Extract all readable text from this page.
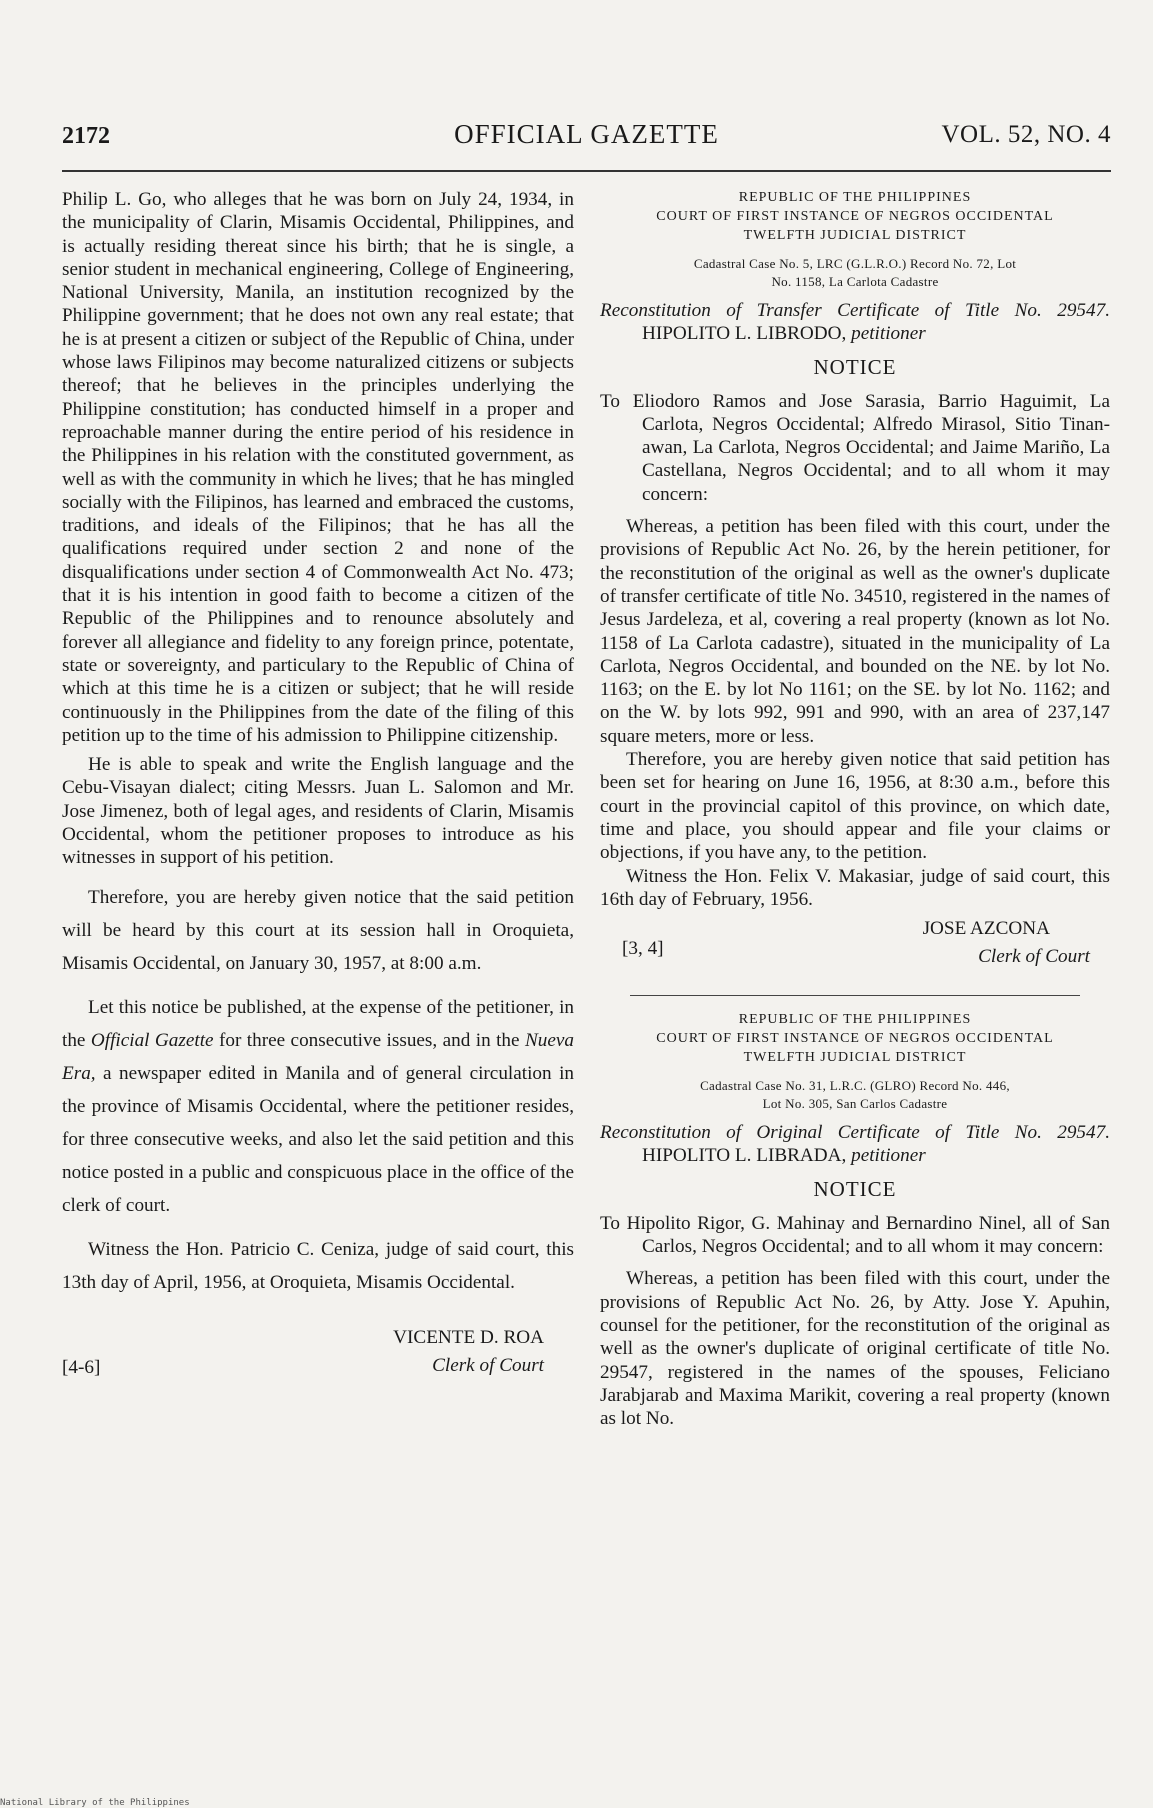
2172	OFFICIAL GAZETTE	VOL. 52, NO. 4

Philip L. Go, who alleges that he was born on July 24, 1934, in the municipality of Clarin, Misamis Occidental, Philippines, and is actually residing thereat since his birth; that he is single, a senior student in mechanical engineering, College of Engineering, National University, Manila, an institution recognized by the Philippine government; that he does not own any real estate; that he is at present a citizen or subject of the Republic of China, under whose laws Filipinos may become naturalized citizens or subjects thereof; that he believes in the principles underlying the Philippine constitution; has conducted himself in a proper and reproachable manner during the entire period of his residence in the Philippines in his relation with the constituted government, as well as with the community in which he lives; that he has mingled socially with the Filipinos, has learned and embraced the customs, traditions, and ideals of the Filipinos; that he has all the qualifications required under section 2 and none of the disqualifications under section 4 of Commonwealth Act No. 473; that it is his intention in good faith to become a citizen of the Republic of the Philippines and to renounce absolutely and forever all allegiance and fidelity to any foreign prince, potentate, state or sovereignty, and particulary to the Republic of China of which at this time he is a citizen or subject; that he will reside continuously in the Philippines from the date of the filing of this petition up to the time of his admission to Philippine citizenship.

He is able to speak and write the English language and the Cebu-Visayan dialect; citing Messrs. Juan L. Salomon and Mr. Jose Jimenez, both of legal ages, and residents of Clarin, Misamis Occidental, whom the petitioner proposes to introduce as his witnesses in support of his petition.

Therefore, you are hereby given notice that the said petition will be heard by this court at its session hall in Oroquieta, Misamis Occidental, on January 30, 1957, at 8:00 a.m.

Let this notice be published, at the expense of the petitioner, in the Official Gazette for three consecutive issues, and in the Nueva Era, a newspaper edited in Manila and of general circulation in the province of Misamis Occidental, where the petitioner resides, for three consecutive weeks, and also let the said petition and this notice posted in a public and conspicuous place in the office of the clerk of court.

Witness the Hon. Patricio C. Ceniza, judge of said court, this 13th day of April, 1956, at Oroquieta, Misamis Occidental.

VICENTE D. ROA
Clerk of Court
[4-6]
REPUBLIC OF THE PHILIPPINES
COURT OF FIRST INSTANCE OF NEGROS OCCIDENTAL
TWELFTH JUDICIAL DISTRICT
Cadastral Case No. 5, LRC (G.L.R.O.) Record No. 72, Lot
No. 1158, La Carlota Cadastre

Reconstitution of Transfer Certificate of Title No. 29547. HIPOLITO L. LIBRODO, petitioner

NOTICE

To Eliodoro Ramos and Jose Sarasia, Barrio Haguimit, La Carlota, Negros Occidental; Alfredo Mirasol, Sitio Tinan-awan, La Carlota, Negros Occidental; and Jaime Mariño, La Castellana, Negros Occidental; and to all whom it may concern:

Whereas, a petition has been filed with this court, under the provisions of Republic Act No. 26, by the herein petitioner, for the reconstitution of the original as well as the owner's duplicate of transfer certificate of title No. 34510, registered in the names of Jesus Jardeleza, et al, covering a real property (known as lot No. 1158 of La Carlota cadastre), situated in the municipality of La Carlota, Negros Occidental, and bounded on the NE. by lot No. 1163; on the E. by lot No 1161; on the SE. by lot No. 1162; and on the W. by lots 992, 991 and 990, with an area of 237,147 square meters, more or less.

Therefore, you are hereby given notice that said petition has been set for hearing on June 16, 1956, at 8:30 a.m., before this court in the provincial capitol of this province, on which date, time and place, you should appear and file your claims or objections, if you have any, to the petition.

Witness the Hon. Felix V. Makasiar, judge of said court, this 16th day of February, 1956.

JOSE AZCONA
Clerk of Court
[3, 4]
REPUBLIC OF THE PHILIPPINES
COURT OF FIRST INSTANCE OF NEGROS OCCIDENTAL
TWELFTH JUDICIAL DISTRICT
Cadastral Case No. 31, L.R.C. (GLRO) Record No. 446,
Lot No. 305, San Carlos Cadastre

Reconstitution of Original Certificate of Title No. 29547. HIPOLITO L. LIBRADA, petitioner

NOTICE

To Hipolito Rigor, G. Mahinay and Bernardino Ninel, all of San Carlos, Negros Occidental; and to all whom it may concern:

Whereas, a petition has been filed with this court, under the provisions of Republic Act No. 26, by Atty. Jose Y. Apuhin, counsel for the petitioner, for the reconstitution of the original as well as the owner's duplicate of original certificate of title No. 29547, registered in the names of the spouses, Feliciano Jarabjarab and Maxima Marikit, covering a real property (known as lot No.

National Library of the Philippines
